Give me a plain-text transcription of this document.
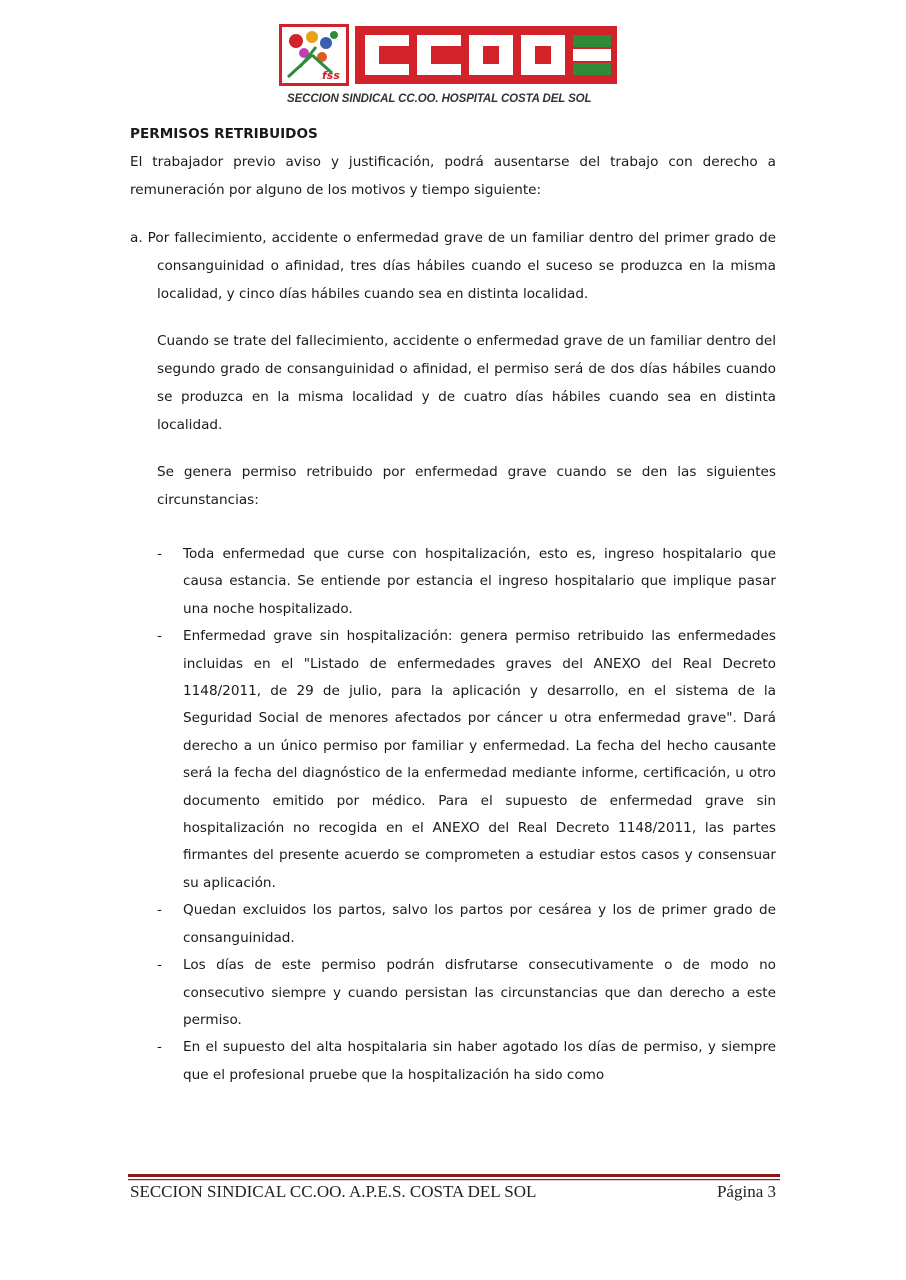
fss
CCOO
SECCION SINDICAL CC.OO. HOSPITAL COSTA DEL SOL

PERMISOS RETRIBUIDOS

El trabajador previo aviso y justificación, podrá ausentarse del trabajo con derecho a remuneración por alguno de los motivos y tiempo siguiente:

a. Por fallecimiento, accidente o enfermedad grave de un familiar dentro del primer grado de consanguinidad o afinidad, tres días hábiles cuando el suceso se produzca en la misma localidad, y cinco días hábiles cuando sea en distinta localidad.

Cuando se trate del fallecimiento, accidente o enfermedad grave de un familiar dentro del segundo grado de consanguinidad o afinidad, el permiso será de dos días hábiles cuando se produzca en la misma localidad y de cuatro días hábiles cuando sea en distinta localidad.

Se genera permiso retribuido por enfermedad grave cuando se den las siguientes circunstancias:

- Toda enfermedad que curse con hospitalización, esto es, ingreso hospitalario que causa estancia. Se entiende por estancia el ingreso hospitalario que implique pasar una noche hospitalizado.
- Enfermedad grave sin hospitalización: genera permiso retribuido las enfermedades incluidas en el "Listado de enfermedades graves del ANEXO del Real Decreto 1148/2011, de 29 de julio, para la aplicación y desarrollo, en el sistema de la Seguridad Social de menores afectados por cáncer u otra enfermedad grave". Dará derecho a un único permiso por familiar y enfermedad. La fecha del hecho causante será la fecha del diagnóstico de la enfermedad mediante informe, certificación, u otro documento emitido por médico. Para el supuesto de enfermedad grave sin hospitalización no recogida en el ANEXO del Real Decreto 1148/2011, las partes firmantes del presente acuerdo se comprometen a estudiar estos casos y consensuar su aplicación.
- Quedan excluidos los partos, salvo los partos por cesárea y los de primer grado de consanguinidad.
- Los días de este permiso podrán disfrutarse consecutivamente o de modo no consecutivo siempre y cuando persistan las circunstancias que dan derecho a este permiso.
- En el supuesto del alta hospitalaria sin haber agotado los días de permiso, y siempre que el profesional pruebe que la hospitalización ha sido como
SECCION SINDICAL CC.OO. A.P.E.S. COSTA DEL SOL	Página 3
